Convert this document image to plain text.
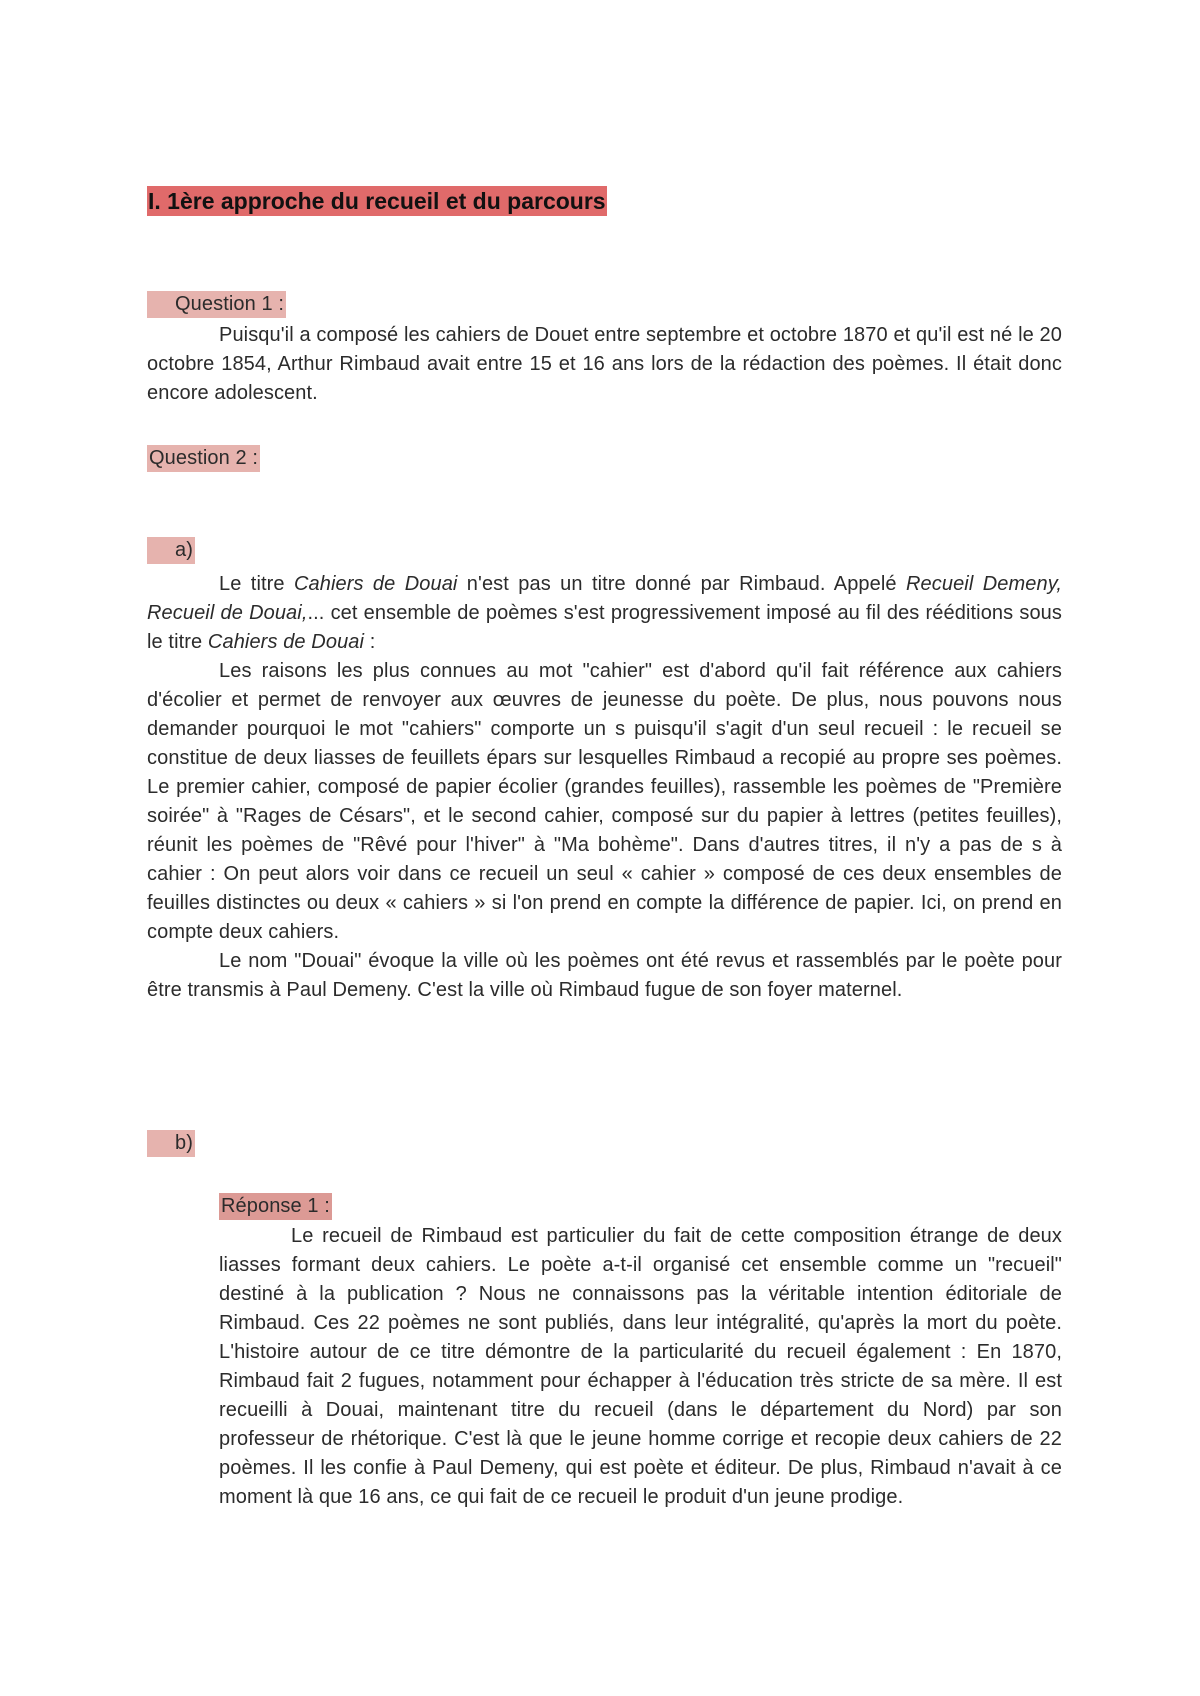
I. 1ère approche du recueil et du parcours
Question 1 :

Puisqu'il a composé les cahiers de Douet entre septembre et octobre 1870 et qu'il est né le 20 octobre 1854, Arthur Rimbaud avait entre 15 et 16 ans lors de la rédaction des poèmes. Il était donc encore adolescent.

Question 2 :
a)

Le titre Cahiers de Douai n'est pas un titre donné par Rimbaud. Appelé Recueil Demeny, Recueil de Douai,... cet ensemble de poèmes s'est progressivement imposé au fil des rééditions sous le titre Cahiers de Douai :

Les raisons les plus connues au mot "cahier" est d'abord qu'il fait référence aux cahiers d'écolier et permet de renvoyer aux œuvres de jeunesse du poète. De plus, nous pouvons nous demander pourquoi le mot "cahiers" comporte un s puisqu'il s'agit d'un seul recueil : le recueil se constitue de deux liasses de feuillets épars sur lesquelles Rimbaud a recopié au propre ses poèmes. Le premier cahier, composé de papier écolier (grandes feuilles), rassemble les poèmes de "Première soirée" à "Rages de Césars", et le second cahier, composé sur du papier à lettres (petites feuilles), réunit les poèmes de "Rêvé pour l'hiver" à "Ma bohème". Dans d'autres titres, il n'y a pas de s à cahier : On peut alors voir dans ce recueil un seul « cahier » composé de ces deux ensembles de feuilles distinctes ou deux « cahiers » si l'on prend en compte la différence de papier. Ici, on prend en compte deux cahiers.

Le nom "Douai" évoque la ville où les poèmes ont été revus et rassemblés par le poète pour être transmis à Paul Demeny. C'est la ville où Rimbaud fugue de son foyer maternel.

b)
Réponse 1 :

Le recueil de Rimbaud est particulier du fait de cette composition étrange de deux liasses formant deux cahiers. Le poète a-t-il organisé cet ensemble comme un "recueil" destiné à la publication ? Nous ne connaissons pas la véritable intention éditoriale de Rimbaud. Ces 22 poèmes ne sont publiés, dans leur intégralité, qu'après la mort du poète. L'histoire autour de ce titre démontre de la particularité du recueil également : En 1870, Rimbaud fait 2 fugues, notamment pour échapper à l'éducation très stricte de sa mère. Il est recueilli à Douai, maintenant titre du recueil (dans le département du Nord) par son professeur de rhétorique. C'est là que le jeune homme corrige et recopie deux cahiers de 22 poèmes. Il les confie à Paul Demeny, qui est poète et éditeur. De plus, Rimbaud n'avait à ce moment là que 16 ans, ce qui fait de ce recueil le produit d'un jeune prodige.
